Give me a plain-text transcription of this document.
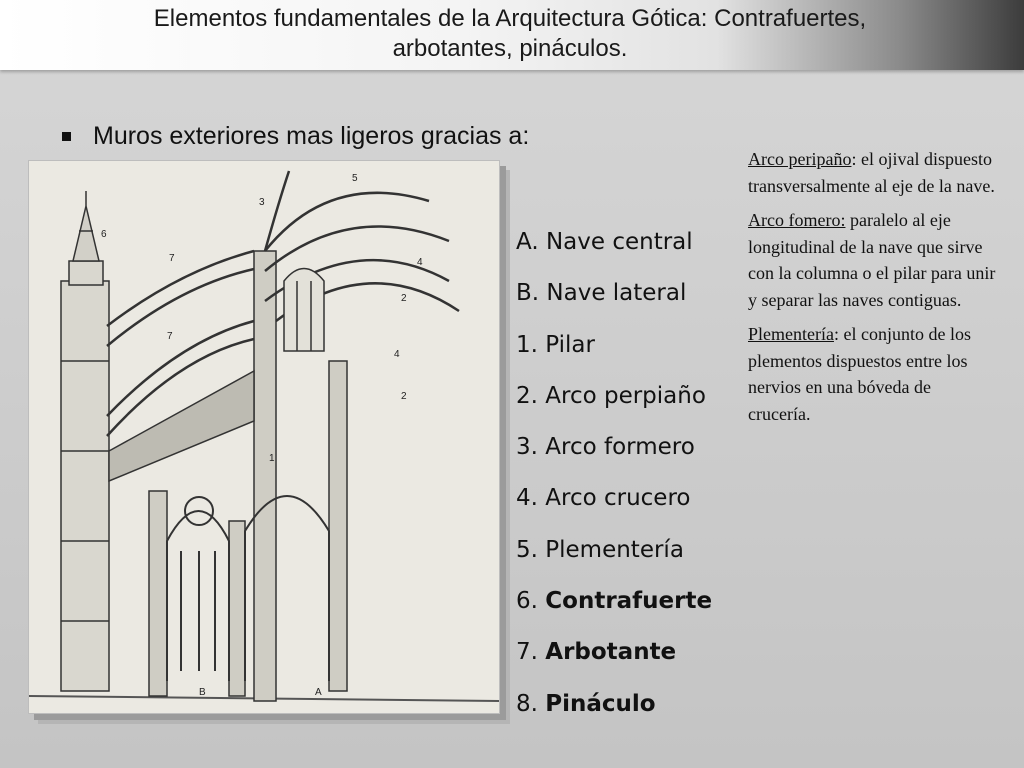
Elementos fundamentales de la Arquitectura Gótica: Contrafuertes,
arbotantes, pináculos.
Muros exteriores mas ligeros gracias a:
1
2
2
3
4
4
5
6
7
7
A
B
A. Nave central
B. Nave lateral
1. Pilar
2. Arco perpiaño
3. Arco formero
4. Arco crucero
5. Plementería
6. Contrafuerte
7. Arbotante
8. Pináculo
Arco peripaño: el ojival dispuesto transversalmente al eje de la nave.
Arco fomero: paralelo al eje longitudinal de la nave que sirve con la columna o el pilar para unir y separar las naves contiguas.
Plementería: el conjunto de los plementos dispuestos entre los nervios en una bóveda de crucería.
